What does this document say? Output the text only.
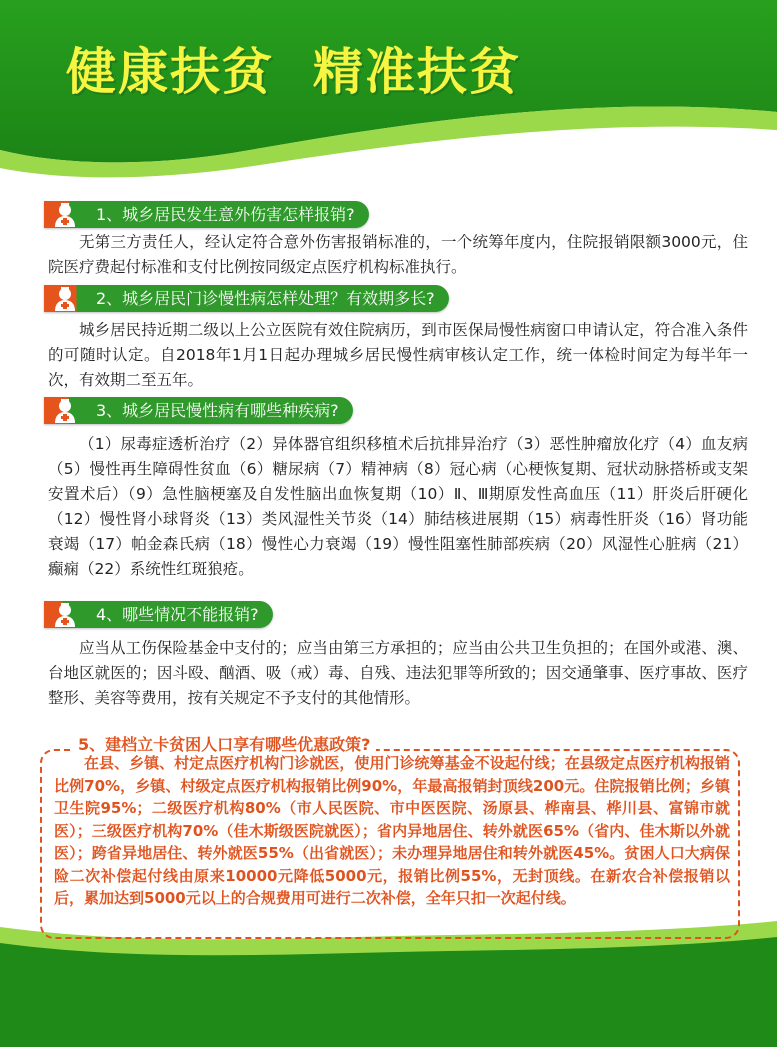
健康扶贫  精准扶贫
1、城乡居民发生意外伤害怎样报销?

无第三方责任人，经认定符合意外伤害报销标准的，一个统筹年度内，住院报销限额3000元，住院医疗费起付标准和支付比例按同级定点医疗机构标准执行。

2、城乡居民门诊慢性病怎样处理？有效期多长?

城乡居民持近期二级以上公立医院有效住院病历，到市医保局慢性病窗口申请认定，符合准入条件的可随时认定。自2018年1月1日起办理城乡居民慢性病审核认定工作，统一体检时间定为每半年一次，有效期二至五年。

3、城乡居民慢性病有哪些种疾病?

（1）尿毒症透析治疗（2）异体器官组织移植术后抗排异治疗（3）恶性肿瘤放化疗（4）血友病（5）慢性再生障碍性贫血（6）糖尿病（7）精神病（8）冠心病（心梗恢复期、冠状动脉搭桥或支架安置术后）（9）急性脑梗塞及自发性脑出血恢复期（10）Ⅱ、Ⅲ期原发性高血压（11）肝炎后肝硬化（12）慢性肾小球肾炎（13）类风湿性关节炎（14）肺结核进展期（15）病毒性肝炎（16）肾功能衰竭（17）帕金森氏病（18）慢性心力衰竭（19）慢性阻塞性肺部疾病（20）风湿性心脏病（21）癫痫（22）系统性红斑狼疮。

4、哪些情况不能报销?

应当从工伤保险基金中支付的；应当由第三方承担的；应当由公共卫生负担的；在国外或港、澳、台地区就医的；因斗殴、酗酒、吸（戒）毒、自残、违法犯罪等所致的；因交通肇事、医疗事故、医疗整形、美容等费用，按有关规定不予支付的其他情形。

5、建档立卡贫困人口享有哪些优惠政策?

在县、乡镇、村定点医疗机构门诊就医，使用门诊统筹基金不设起付线；在县级定点医疗机构报销比例70%，乡镇、村级定点医疗机构报销比例90%，年最高报销封顶线200元。住院报销比例；乡镇卫生院95%；二级医疗机构80%（市人民医院、市中医医院、汤原县、桦南县、桦川县、富锦市就医）；三级医疗机构70%（佳木斯级医院就医）；省内异地居住、转外就医65%（省内、佳木斯以外就医）；跨省异地居住、转外就医55%（出省就医）；未办理异地居住和转外就医45%。贫困人口大病保险二次补偿起付线由原来10000元降低5000元，报销比例55%，无封顶线。在新农合补偿报销以后，累加达到5000元以上的合规费用可进行二次补偿，全年只扣一次起付线。
